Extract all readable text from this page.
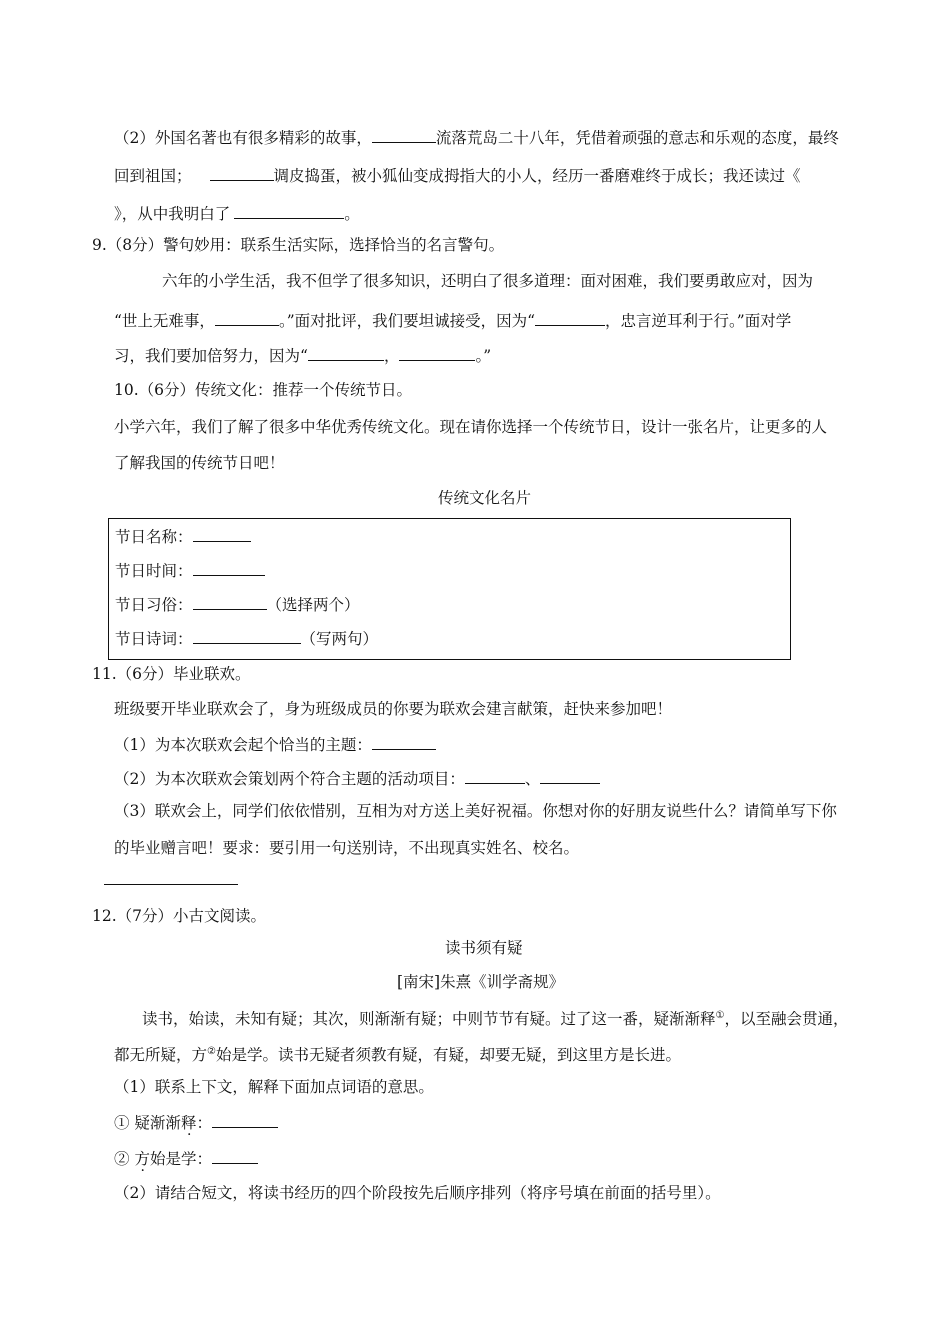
（2）外国名著也有很多精彩的故事，	流落荒岛二十八年，凭借着顽强的意志和乐观的态度，最终
回到祖国；	调皮捣蛋，被小狐仙变成拇指大的小人，经历一番磨难终于成长；我还读过《
》，从中我明白了	。
9.（8分）警句妙用：联系生活实际，选择恰当的名言警句。
六年的小学生活，我不但学了很多知识，还明白了很多道理：面对困难，我们要勇敢应对，因为
“世上无难事，	。”面对批评，我们要坦诚接受，因为“	，忠言逆耳利于行。”面对学
习，我们要加倍努力，因为“	，	。”
10.（6分）传统文化：推荐一个传统节日。
小学六年，我们了解了很多中华优秀传统文化。现在请你选择一个传统节日，设计一张名片，让更多的人
了解我国的传统节日吧！
传统文化名片
节日名称：
节日时间：
节日习俗：	（选择两个）
节日诗词：	（写两句）
11.（6分）毕业联欢。
班级要开毕业联欢会了，身为班级成员的你要为联欢会建言献策，赶快来参加吧！
（1）为本次联欢会起个恰当的主题：
（2）为本次联欢会策划两个符合主题的活动项目：	、
（3）联欢会上，同学们依依惜别，互相为对方送上美好祝福。你想对你的好朋友说些什么？请简单写下你
的毕业赠言吧！要求：要引用一句送别诗，不出现真实姓名、校名。
12.（7分）小古文阅读。
读书须有疑
[南宋]朱熹《训学斋规》
读书，始读，未知有疑；其次，则渐渐有疑；中则节节有疑。过了这一番，疑渐渐释①，以至融会贯通，
都无所疑，方②始是学。读书无疑者须教有疑，有疑，却要无疑，到这里方是长进。
（1）联系上下文，解释下面加点词语的意思。
① 疑渐渐释：
② 方始是学：
（2）请结合短文，将读书经历的四个阶段按先后顺序排列（将序号填在前面的括号里）。
